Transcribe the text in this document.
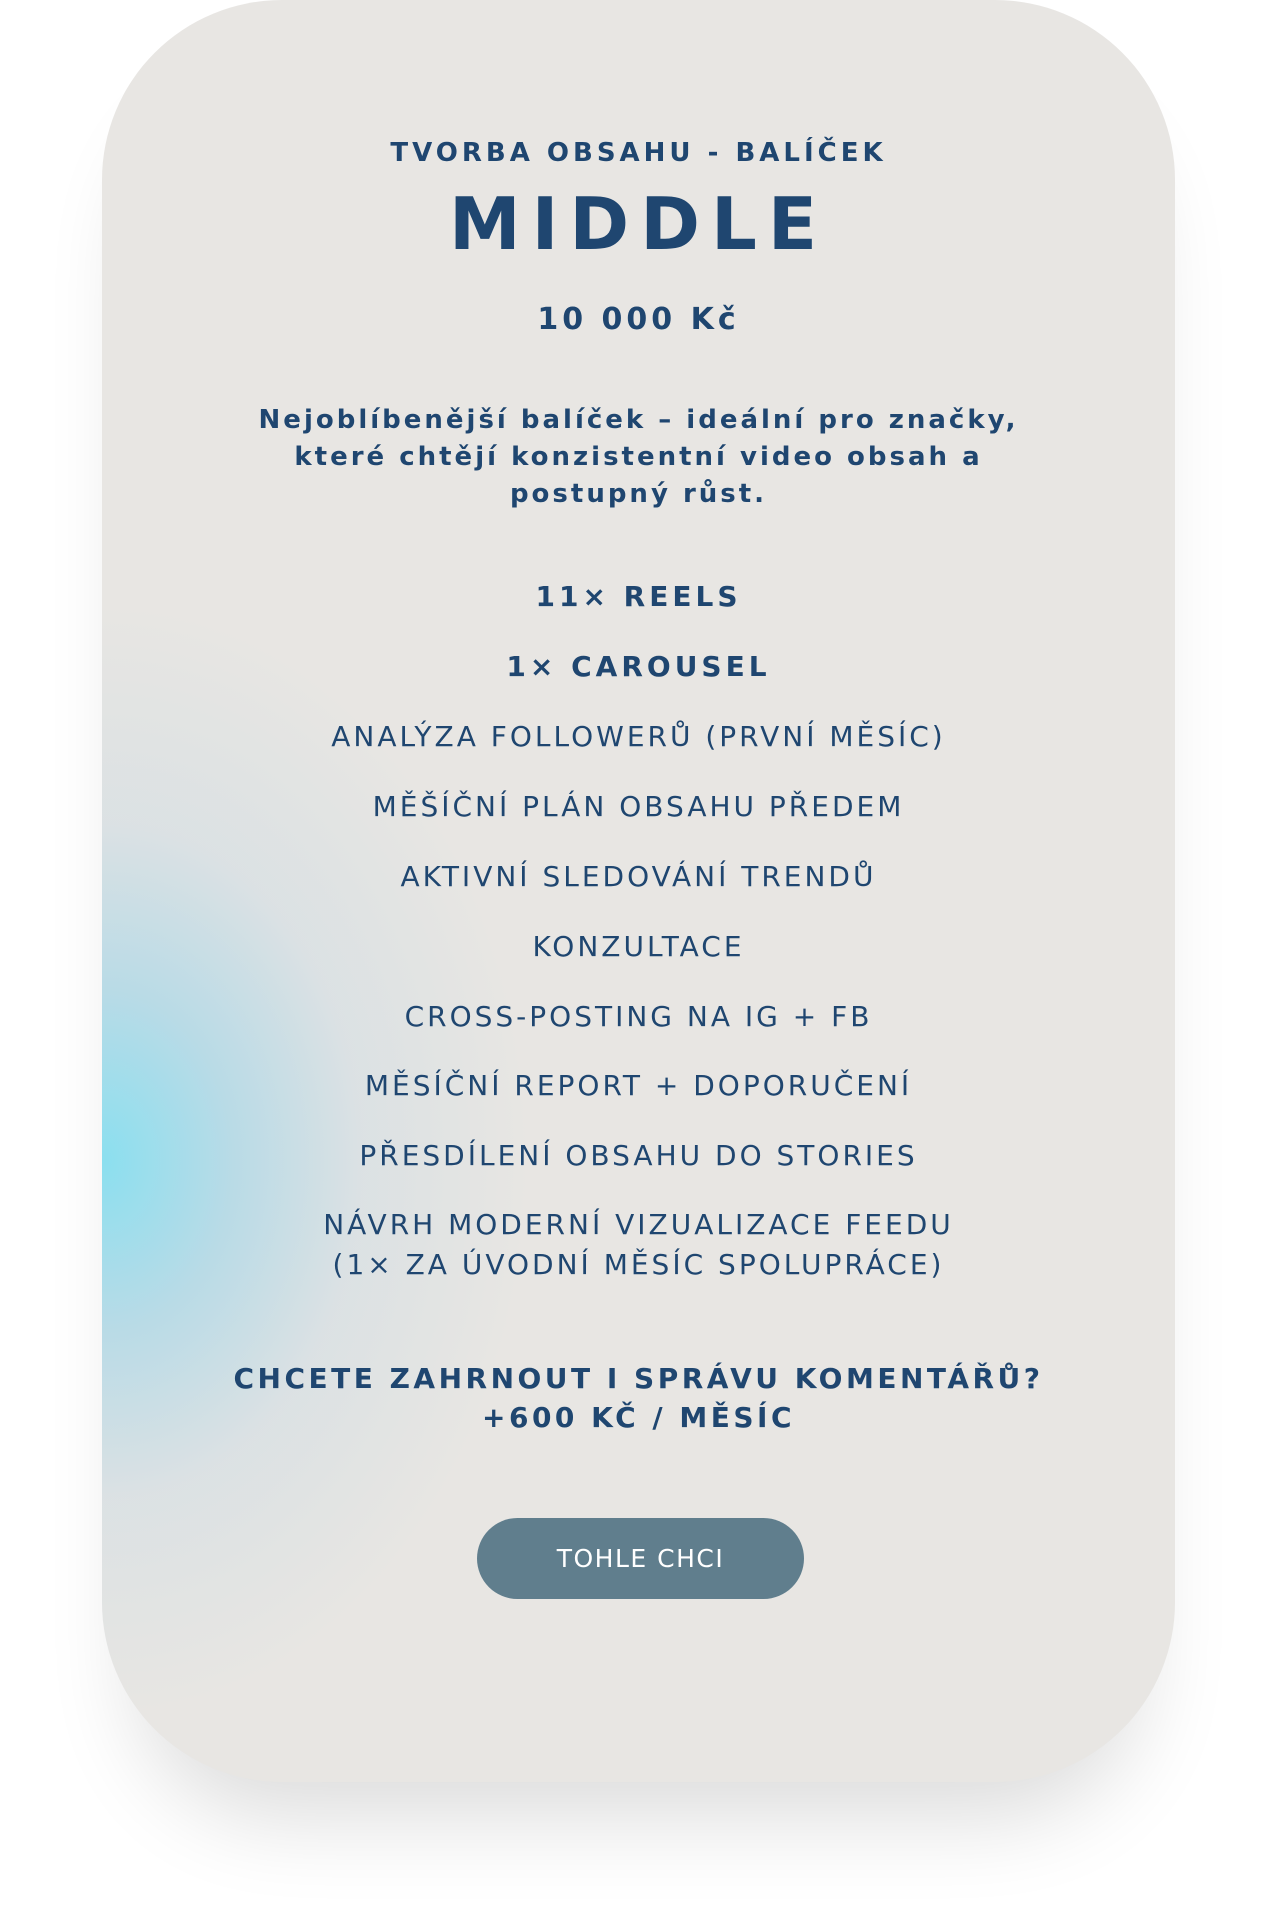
TVORBA OBSAHU - BALÍČEK
MIDDLE
10 000 Kč
Nejoblíbenější balíček – ideální pro značky,
které chtějí konzistentní video obsah a
postupný růst.
11× REELS
1× CAROUSEL
ANALÝZA FOLLOWERŮ (PRVNÍ MĚSÍC)
MĚŠÍČNÍ PLÁN OBSAHU PŘEDEM
AKTIVNÍ SLEDOVÁNÍ TRENDŮ
KONZULTACE
CROSS-POSTING NA IG + FB
MĚSÍČNÍ REPORT + DOPORUČENÍ
PŘESDÍLENÍ OBSAHU DO STORIES
NÁVRH MODERNÍ VIZUALIZACE FEEDU
(1× ZA ÚVODNÍ MĚSÍC SPOLUPRÁCE)
CHCETE ZAHRNOUT I SPRÁVU KOMENTÁŘŮ?
+600 KČ / MĚSÍC
TOHLE CHCI
